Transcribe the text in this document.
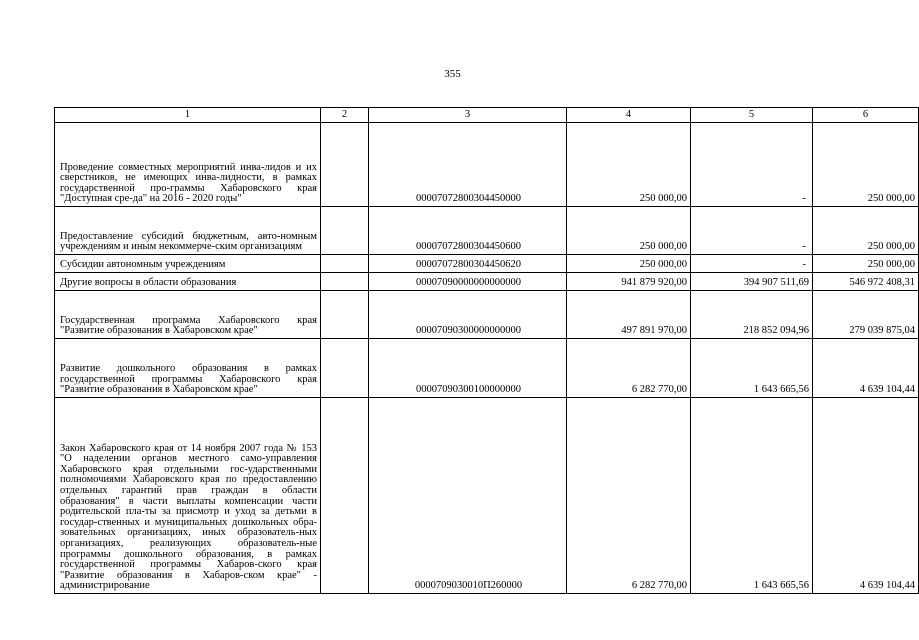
355
1	2	3	4	5	6
Проведение совместных мероприятий инва-лидов и их сверстников, не имеющих инва-лидности, в рамках государственной про-граммы Хабаровского края "Доступная сре-да" на 2016 - 2020 годы"		00007072800304450000	250 000,00	-	250 000,00
Предоставление субсидий бюджетным, авто-номным учреждениям и иным некоммерче-ским организациям		00007072800304450600	250 000,00	-	250 000,00
Субсидии автономным учреждениям		00007072800304450620	250 000,00	-	250 000,00
Другие вопросы в области образования		00007090000000000000	941 879 920,00	394 907 511,69	546 972 408,31
Государственная программа Хабаровского края "Развитие образования в Хабаровском крае"		00007090300000000000	497 891 970,00	218 852 094,96	279 039 875,04
Развитие дошкольного образования в рамках государственной программы Хабаровского края "Развитие образования в Хабаровском крае"		00007090300100000000	6 282 770,00	1 643 665,56	4 639 104,44
Закон Хабаровского края от 14 ноября 2007 года № 153 "О наделении органов местного само-управления Хабаровского края отдельными гос-ударственными полномочиями Хабаровского края по предоставлению отдельных гарантий прав граждан в области образования" в части выплаты компенсации части родительской пла-ты за присмотр и уход за детьми в государ-ственных и муниципальных дошкольных обра-зовательных организациях, иных образователь-ных организациях, реализующих образователь-ные программы дошкольного образования, в рамках государственной программы Хабаров-ского края "Развитие образования в Хабаров-ском крае" - администрирование		0000709030010П260000	6 282 770,00	1 643 665,56	4 639 104,44
